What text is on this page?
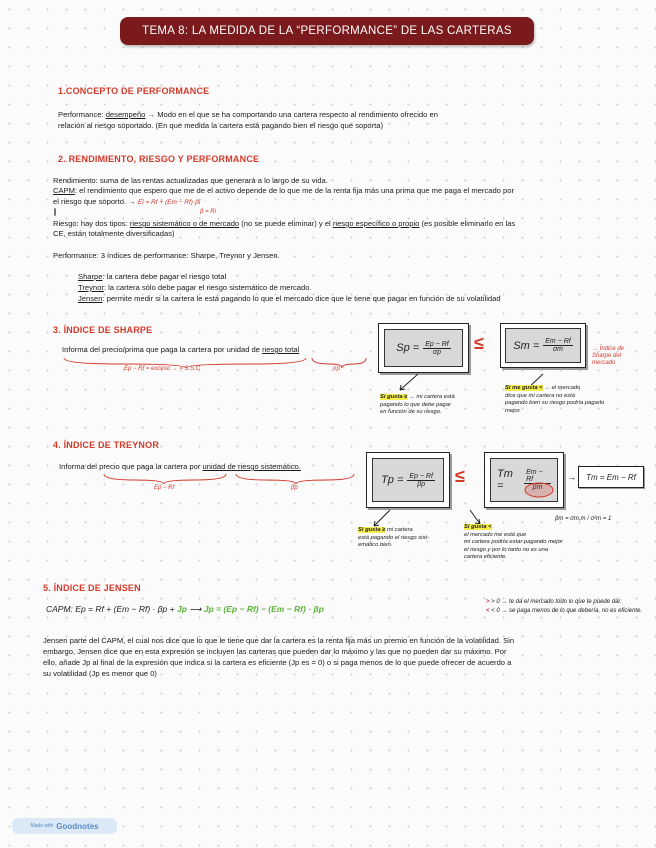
TEMA 8: LA MEDIDA DE LA “PERFORMANCE” DE LAS CARTERAS
1.CONCEPTO DE PERFORMANCE
Performance: desempeño → Modo en el que se ha comportando una cartera respecto al rendimiento ofrecido en
relación al riesgo soportado. (En que medida la cartera está pagando bien el riesgo que soporta)
2. RENDIMIENTO, RIESGO Y PERFORMANCE
Rendimiento: suma de las rentas actualizadas que generará a lo largo de su vida.
CAPM: el rendimiento que espero que me de el activo depende de lo que me de la renta fija más una prima que me paga el mercado por
el riesgo que soporto. → Ei = Rf + (Em − Rf)·βi
β = Ri
∥
Riesgo: hay dos tipos: riesgo sistemático o de mercado (no se puede eliminar) y el riesgo específico o propio (es posible eliminarlo en las
CE, están totalmente diversificadas)
Performance: 3 índices de performance: Sharpe, Treynor y Jensen.
Sharpe: la cartera debe pagar el riesgo total
Treynor: la cartera sólo debe pagar el riesgo sistemático de mercado.
Jensen: permite medir si la cartera le está pagando lo que el mercado dice que le tiene que pagar en función de su volatilidad
3. ÍNDICE DE SHARPE
Informa del precio/prima que paga la cartera por unidad de riesgo total
Ep − Rf = exceso → = S.S.C	σp
$Sp = \frac{Ep - Rf}{\sigma p}$ ≤	$Sm = \frac{Em - Rf}{\sigma m}$	→ Índice de Sharpe del mercado
Si gusta ≥ → mi cartera está
pagando lo que debe pagar
en función de su riesgo.
Si me gusta < → el mercado
dice que mi cartera no está
pagando bien su riesgo podría pagarlo
mejor.
4. ÍNDICE DE TREYNOR
Informa del precio que paga la cartera por unidad de riesgo sistemático.
Ep − Rf	βp
$Tp = \frac{Ep - Rf}{\beta p}$ ≤	Tm =
Em − Rf	→ Tm = Em − Rf
βm = σm,m / σ²m = 1
Si gusta ≥ mi cartera
está pagando el riesgo sist-
emático bien.
Si gusta <
el mercado me está que
mi cartera podría estar pagando mejor
el riesgo y por lo tanto no es una
cartera eficiente.
5. ÍNDICE DE JENSEN
CAPM: Ep = Rf + (Em − Rf) · βp + Jp ⟶ Jp = (Ep − Rf) − (Em − Rf) · βp
> > 0 → te da el mercado todo lo que te puede dar.
< < 0 → se paga menos de lo que debería, no es eficiente.
Jensen parte del CAPM, el cual nos dice que lo que le tiene que dar la cartera es la renta fija más un premio en función de la volatilidad. Sin
embargo, Jensen dice que en esta expresión se incluyen las carteras que pueden dar lo máximo y las que no pueden dar su máximo. Por
ello, añade Jp al final de la expresión que indica si la cartera es eficiente (Jp es = 0) o si paga menos de lo que puede ofrecer de acuerdo a
su volatilidad (Jp es menor que 0)
Made with Goodnotes
